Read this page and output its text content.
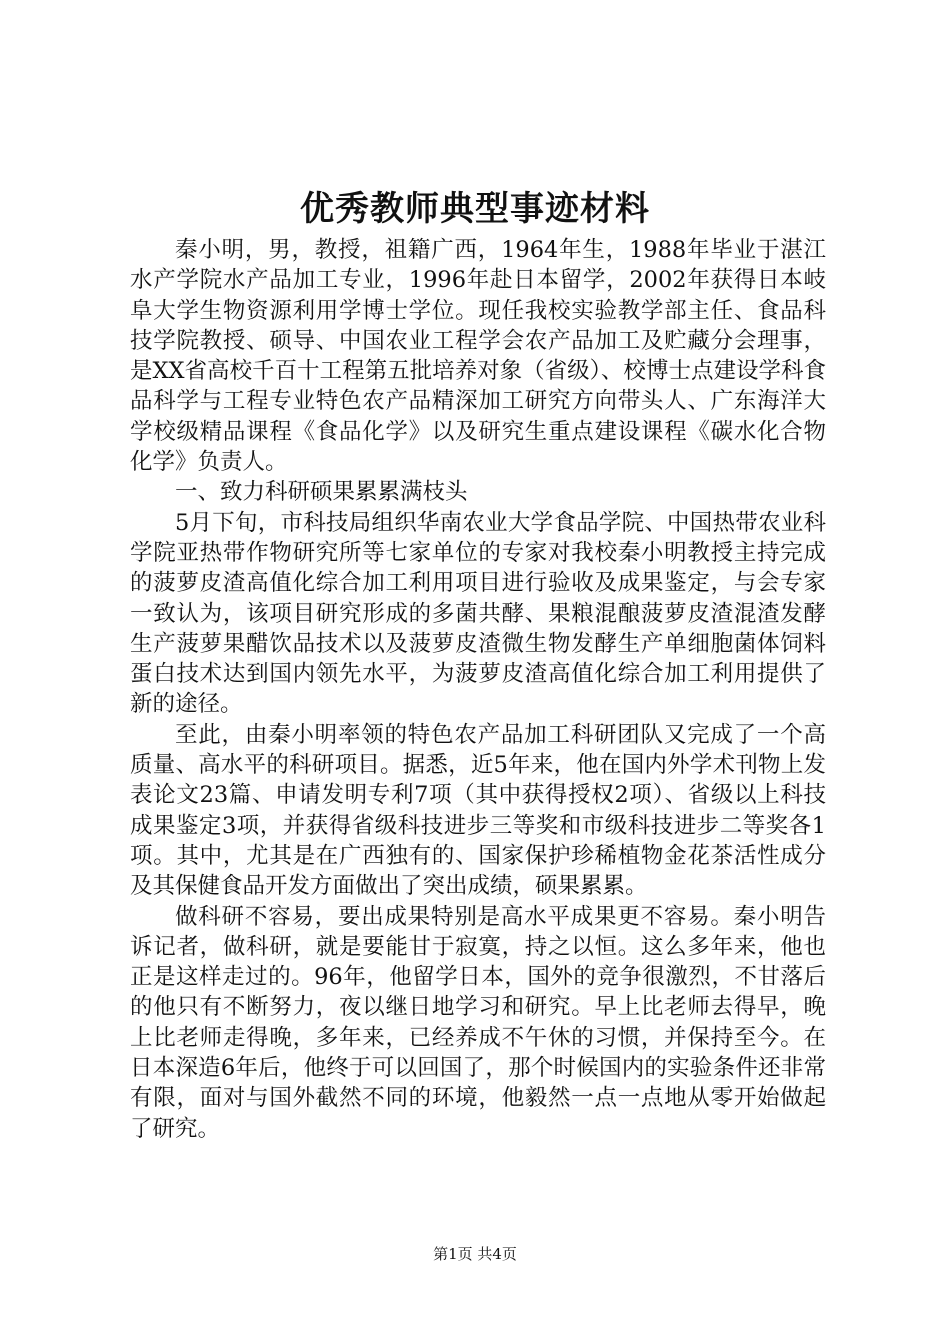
优秀教师典型事迹材料

秦小明，男，教授，祖籍广西，1964年生，1988年毕业于湛江水产学院水产品加工专业，1996年赴日本留学，2002年获得日本岐阜大学生物资源利用学博士学位。现任我校实验教学部主任、食品科技学院教授、硕导、中国农业工程学会农产品加工及贮藏分会理事，是XX省高校千百十工程第五批培养对象（省级）、校博士点建设学科食品科学与工程专业特色农产品精深加工研究方向带头人、广东海洋大学校级精品课程《食品化学》以及研究生重点建设课程《碳水化合物化学》负责人。

一、致力科研硕果累累满枝头

5月下旬，市科技局组织华南农业大学食品学院、中国热带农业科学院亚热带作物研究所等七家单位的专家对我校秦小明教授主持完成的菠萝皮渣高值化综合加工利用项目进行验收及成果鉴定，与会专家一致认为，该项目研究形成的多菌共酵、果粮混酿菠萝皮渣混渣发酵生产菠萝果醋饮品技术以及菠萝皮渣微生物发酵生产单细胞菌体饲料蛋白技术达到国内领先水平，为菠萝皮渣高值化综合加工利用提供了新的途径。

至此，由秦小明率领的特色农产品加工科研团队又完成了一个高质量、高水平的科研项目。据悉，近5年来，他在国内外学术刊物上发表论文23篇、申请发明专利7项（其中获得授权2项）、省级以上科技成果鉴定3项，并获得省级科技进步三等奖和市级科技进步二等奖各1项。其中，尤其是在广西独有的、国家保护珍稀植物金花茶活性成分及其保健食品开发方面做出了突出成绩，硕果累累。

做科研不容易，要出成果特别是高水平成果更不容易。秦小明告诉记者，做科研，就是要能甘于寂寞，持之以恒。这么多年来，他也正是这样走过的。96年，他留学日本，国外的竞争很激烈，不甘落后的他只有不断努力，夜以继日地学习和研究。早上比老师去得早，晚上比老师走得晚，多年来，已经养成不午休的习惯，并保持至今。在日本深造6年后，他终于可以回国了，那个时候国内的实验条件还非常有限，面对与国外截然不同的环境，他毅然一点一点地从零开始做起了研究。

第1页 共4页
